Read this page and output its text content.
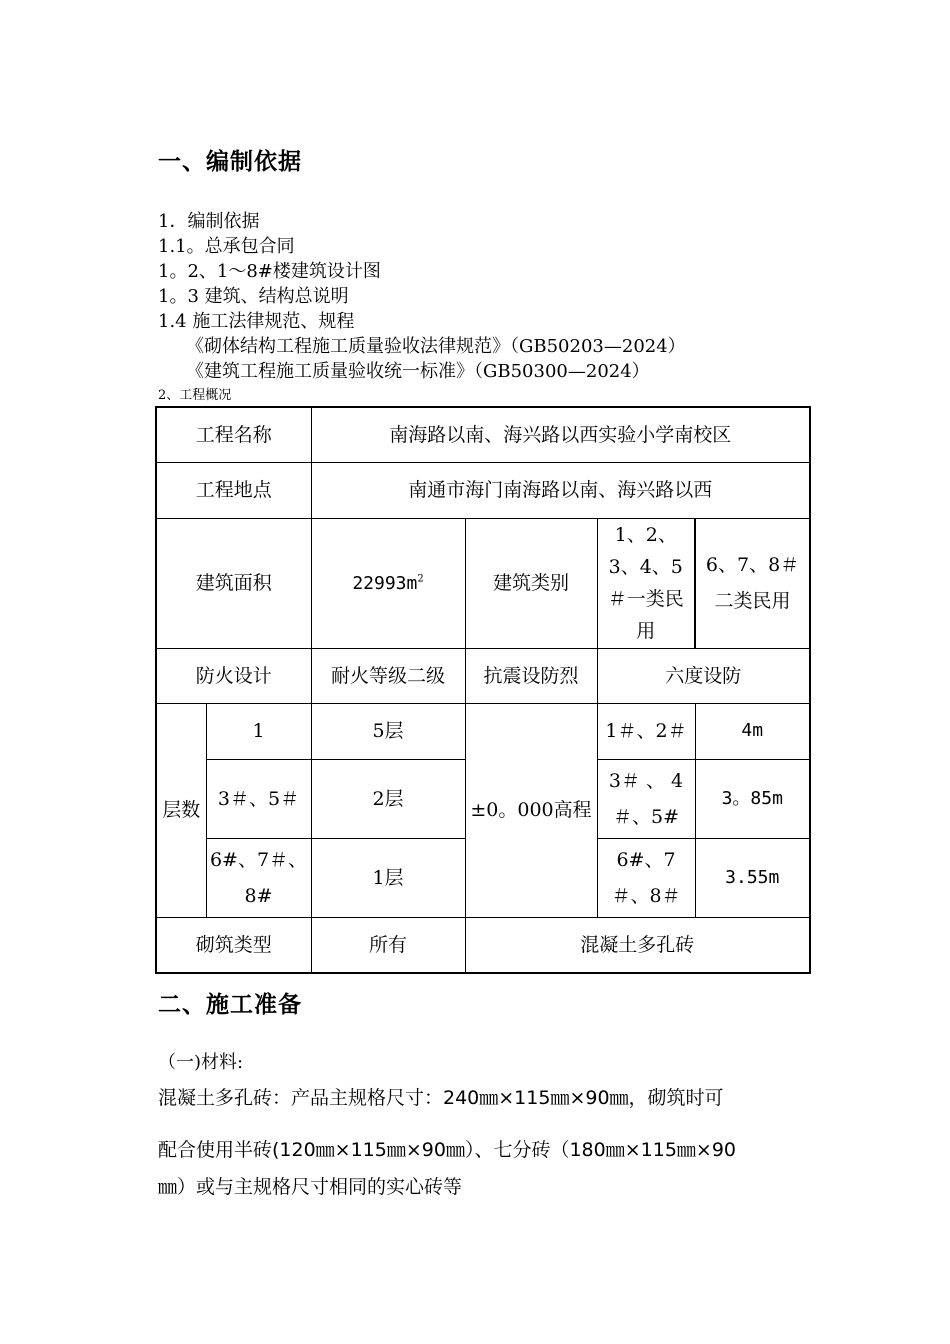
一、编制依据
1．编制依据
1.1。总承包合同
1。2、1～8#楼建筑设计图
1。3 建筑、结构总说明
1.4 施工法律规范、规程
《砌体结构工程施工质量验收法律规范》（GB50203—2024）
《建筑工程施工质量验收统一标准》（GB50300—2024）
2、工程概况
工程名称		南海路以南、海兴路以西实验小学南校区			
工程地点		南通市海门南海路以南、海兴路以西			
建筑面积		$22993m^2$	建筑类别	1、2、3、4、5＃一类民用	6、7、8＃二类民用
防火设计		耐火等级二级	抗震设防烈	六度设防	
层数	1	5层	±0。000高程	1＃、2＃	4m
	3＃、5＃	2层		3＃ 、 4＃、5#	3。85m
	6#、7＃、8#	1层		6#、7＃、8＃	3.55m
砌筑类型		所有	混凝土多孔砖		
二、施工准备
（一)材料:
混凝土多孔砖：产品主规格尺寸：240㎜×115㎜×90㎜，砌筑时可
配合使用半砖(120㎜×115㎜×90㎜）、七分砖（180㎜×115㎜×90
㎜）或与主规格尺寸相同的实心砖等
